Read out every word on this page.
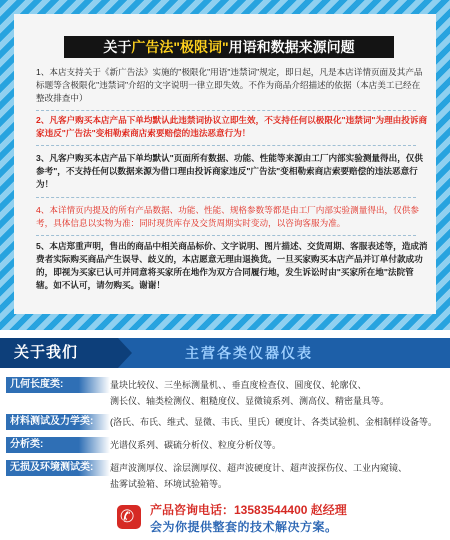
关于广告法"极限词"用语和数据来源问题
1、本店支持关于《新广告法》实施的"极限化"用语"违禁词"规定，即日起，凡是本店详情页面及其产品标题等含极限化"违禁词"介绍的文字说明一律立即失效。不作为商品介绍描述的依据（本店美工已经在整改排查中）
2、凡客户购买本店产品下单均默认此违禁词协议立即生效，不支持任何以极限化"违禁词"为理由投诉商家违反"广告法"变相勒索商店索要赔偿的违法恶意行为！
3、凡客户购买本店产品下单均默认"页面所有数据、功能、性能等来源由工厂内部实验测量得出，仅供参考"，不支持任何以数据来源为借口理由投诉商家违反"广告法"变相勒索商店索要赔偿的违法恶意行为！
4、本详情页内提及的所有产品数据、功能、性能、规格参数等都是由工厂内部实验测量得出，仅供参考，具体信息以实物为准：同时现货库存及交货周期实时变动，以咨询客服为准。
5、本店郑重声明，售出的商品中相关商品标价、文字说明、图片描述、交货周期、客服表述等，造成消费者实际购买商品产生误导、歧义的，本店愿意无理由退换货。一旦买家购买本店产品并订单付款成功的，即视为买家已认可并同意将买家所在地作为双方合同履行地，发生诉讼时由"买家所在地"法院管辖。如不认可，请勿购买。谢谢！
关于我们	主营各类仪器仪表
几何长度类:	量块比较仪、三坐标测量机、、垂直度检查仪、圆度仪、轮廓仪、
测长仪、轴类检测仪、粗糙度仪、显微镜系列、测高仪、精密量具等。
材料测试及力学类:	(洛氏、布氏、维式、显微、韦氏、里氏）硬度计、各类试验机、金相制样设备等。
分析类:	光谱仪系列、碳硫分析仪、粒度分析仪等。
无损及环境测试类:	超声波测厚仪、涂层测厚仪、超声波硬度计、超声波探伤仪、工业内窥镜、
盐雾试验箱、环境试验箱等。
✆ 产品咨询电话：13583544400 赵经理
会为你提供整套的技术解决方案。
